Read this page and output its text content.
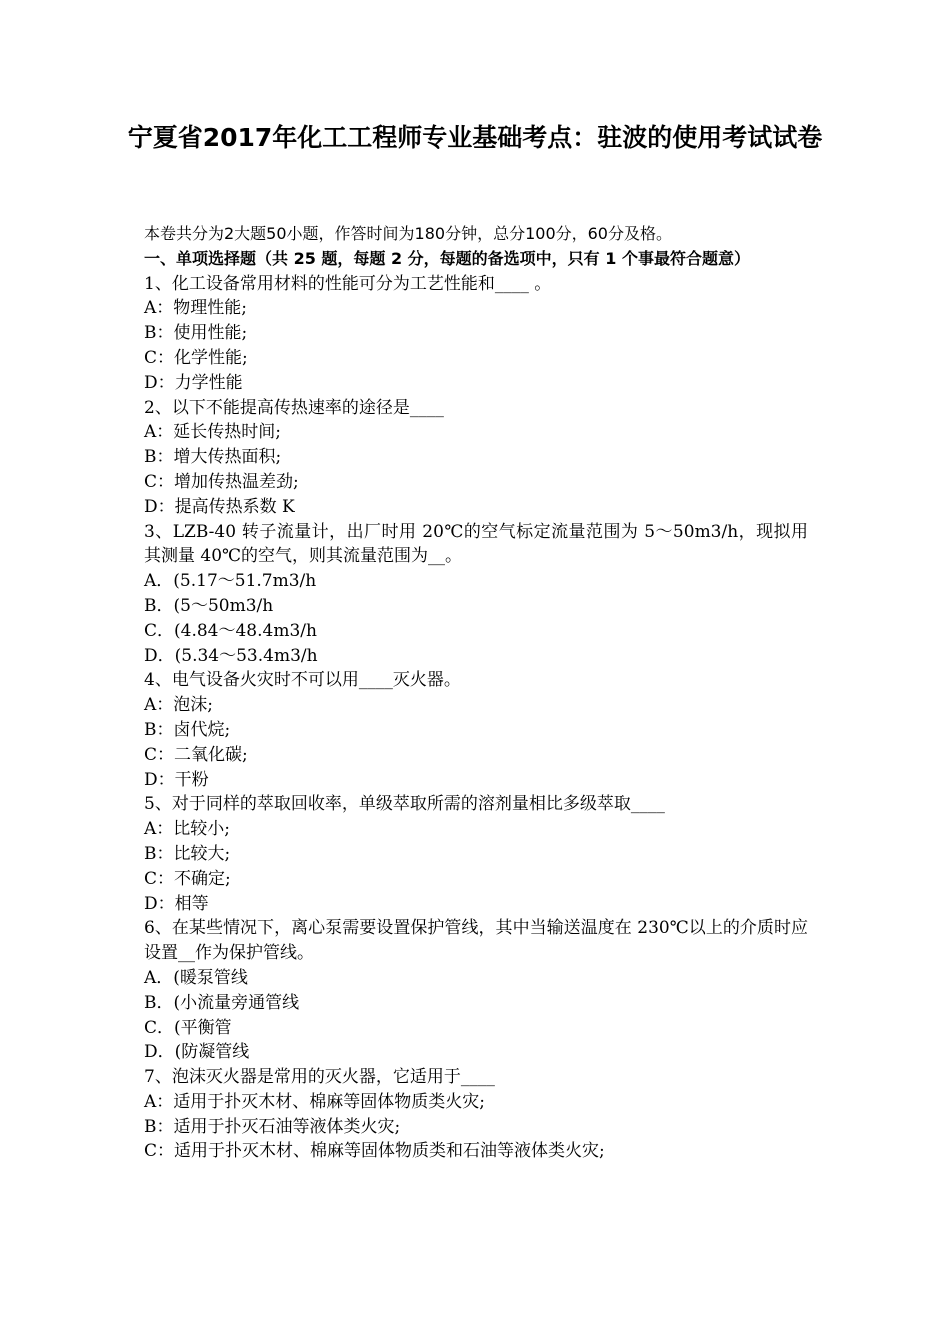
宁夏省2017年化工工程师专业基础考点：驻波的使用考试试卷

本卷共分为2大题50小题，作答时间为180分钟，总分100分，60分及格。

一、单项选择题（共 25 题，每题 2 分，每题的备选项中，只有 1 个事最符合题意）

1、化工设备常用材料的性能可分为工艺性能和____ 。

A：物理性能;

B：使用性能;

C：化学性能;

D：力学性能

2、以下不能提高传热速率的途径是____

A：延长传热时间;

B：增大传热面积;

C：增加传热温差劲;

D：提高传热系数 K

3、LZB-40 转子流量计，出厂时用 20℃的空气标定流量范围为 5～50m3/h，现拟用其测量 40℃的空气，则其流量范围为__。

A．(5.17～51.7m3/h

B．(5～50m3/h

C．(4.84～48.4m3/h

D．(5.34～53.4m3/h

4、电气设备火灾时不可以用____灭火器。

A：泡沫;

B：卤代烷;

C：二氧化碳;

D：干粉

5、对于同样的萃取回收率，单级萃取所需的溶剂量相比多级萃取____

A：比较小;

B：比较大;

C：不确定;

D：相等

6、在某些情况下，离心泵需要设置保护管线，其中当输送温度在 230℃以上的介质时应设置__作为保护管线。

A．(暖泵管线

B．(小流量旁通管线

C．(平衡管

D．(防凝管线

7、泡沫灭火器是常用的灭火器，它适用于____

A：适用于扑灭木材、棉麻等固体物质类火灾;

B：适用于扑灭石油等液体类火灾;

C：适用于扑灭木材、棉麻等固体物质类和石油等液体类火灾;
